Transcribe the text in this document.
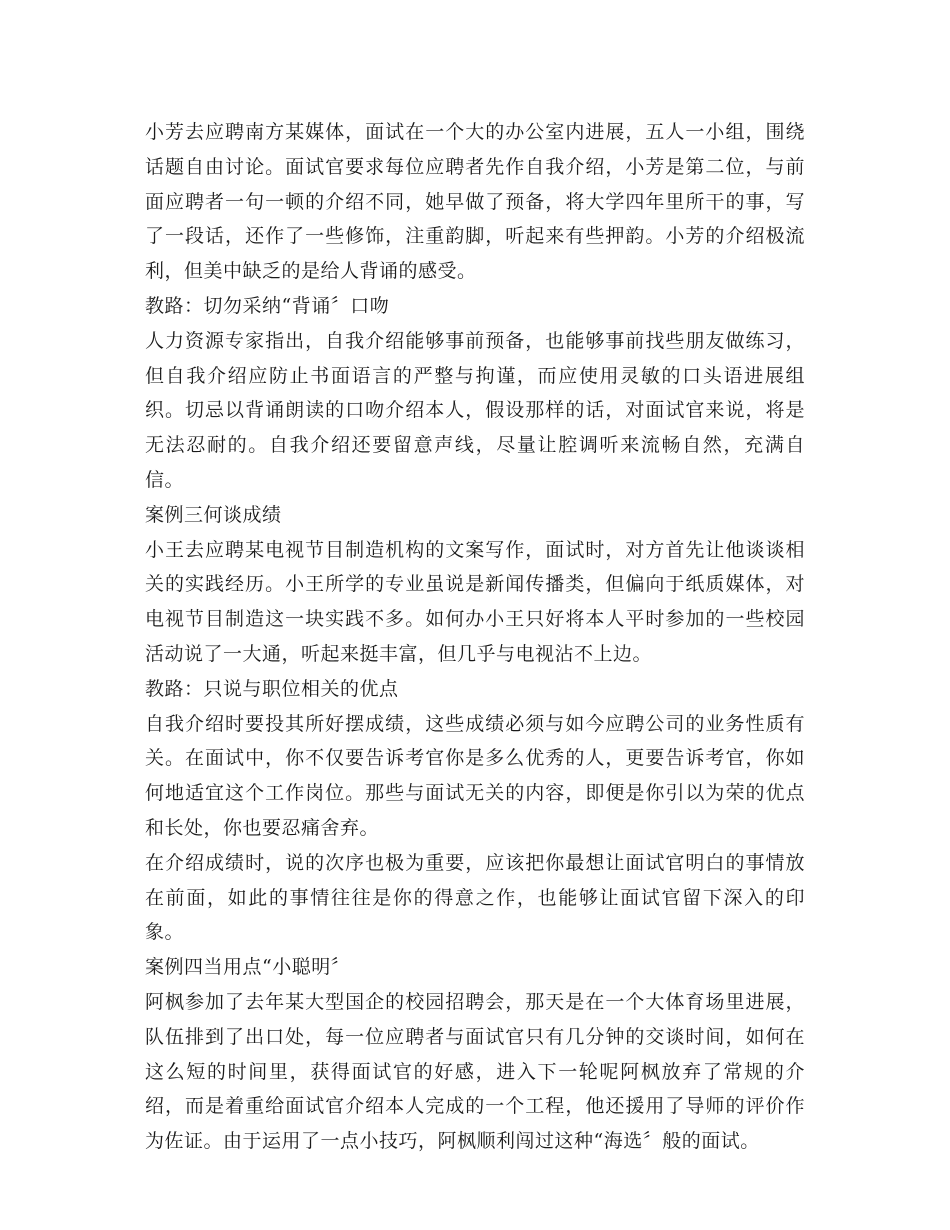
小芳去应聘南方某媒体，面试在一个大的办公室内进展，五人一小组，围绕话题自由讨论。面试官要求每位应聘者先作自我介绍，小芳是第二位，与前面应聘者一句一顿的介绍不同，她早做了预备，将大学四年里所干的事，写了一段话，还作了一些修饰，注重韵脚，听起来有些押韵。小芳的介绍极流利，但美中缺乏的是给人背诵的感受。

教路：切勿采纳“背诵〞口吻

人力资源专家指出，自我介绍能够事前预备，也能够事前找些朋友做练习，但自我介绍应防止书面语言的严整与拘谨，而应使用灵敏的口头语进展组织。切忌以背诵朗读的口吻介绍本人，假设那样的话，对面试官来说，将是无法忍耐的。自我介绍还要留意声线，尽量让腔调听来流畅自然，充满自信。

案例三何谈成绩

小王去应聘某电视节目制造机构的文案写作，面试时，对方首先让他谈谈相关的实践经历。小王所学的专业虽说是新闻传播类，但偏向于纸质媒体，对电视节目制造这一块实践不多。如何办小王只好将本人平时参加的一些校园活动说了一大通，听起来挺丰富，但几乎与电视沾不上边。

教路：只说与职位相关的优点

自我介绍时要投其所好摆成绩，这些成绩必须与如今应聘公司的业务性质有关。在面试中，你不仅要告诉考官你是多么优秀的人，更要告诉考官，你如何地适宜这个工作岗位。那些与面试无关的内容，即便是你引以为荣的优点和长处，你也要忍痛舍弃。

在介绍成绩时，说的次序也极为重要，应该把你最想让面试官明白的事情放在前面，如此的事情往往是你的得意之作，也能够让面试官留下深入的印象。

案例四当用点“小聪明〞

阿枫参加了去年某大型国企的校园招聘会，那天是在一个大体育场里进展，队伍排到了出口处，每一位应聘者与面试官只有几分钟的交谈时间，如何在这么短的时间里，获得面试官的好感，进入下一轮呢阿枫放弃了常规的介绍，而是着重给面试官介绍本人完成的一个工程，他还援用了导师的评价作为佐证。由于运用了一点小技巧，阿枫顺利闯过这种“海选〞般的面试。
